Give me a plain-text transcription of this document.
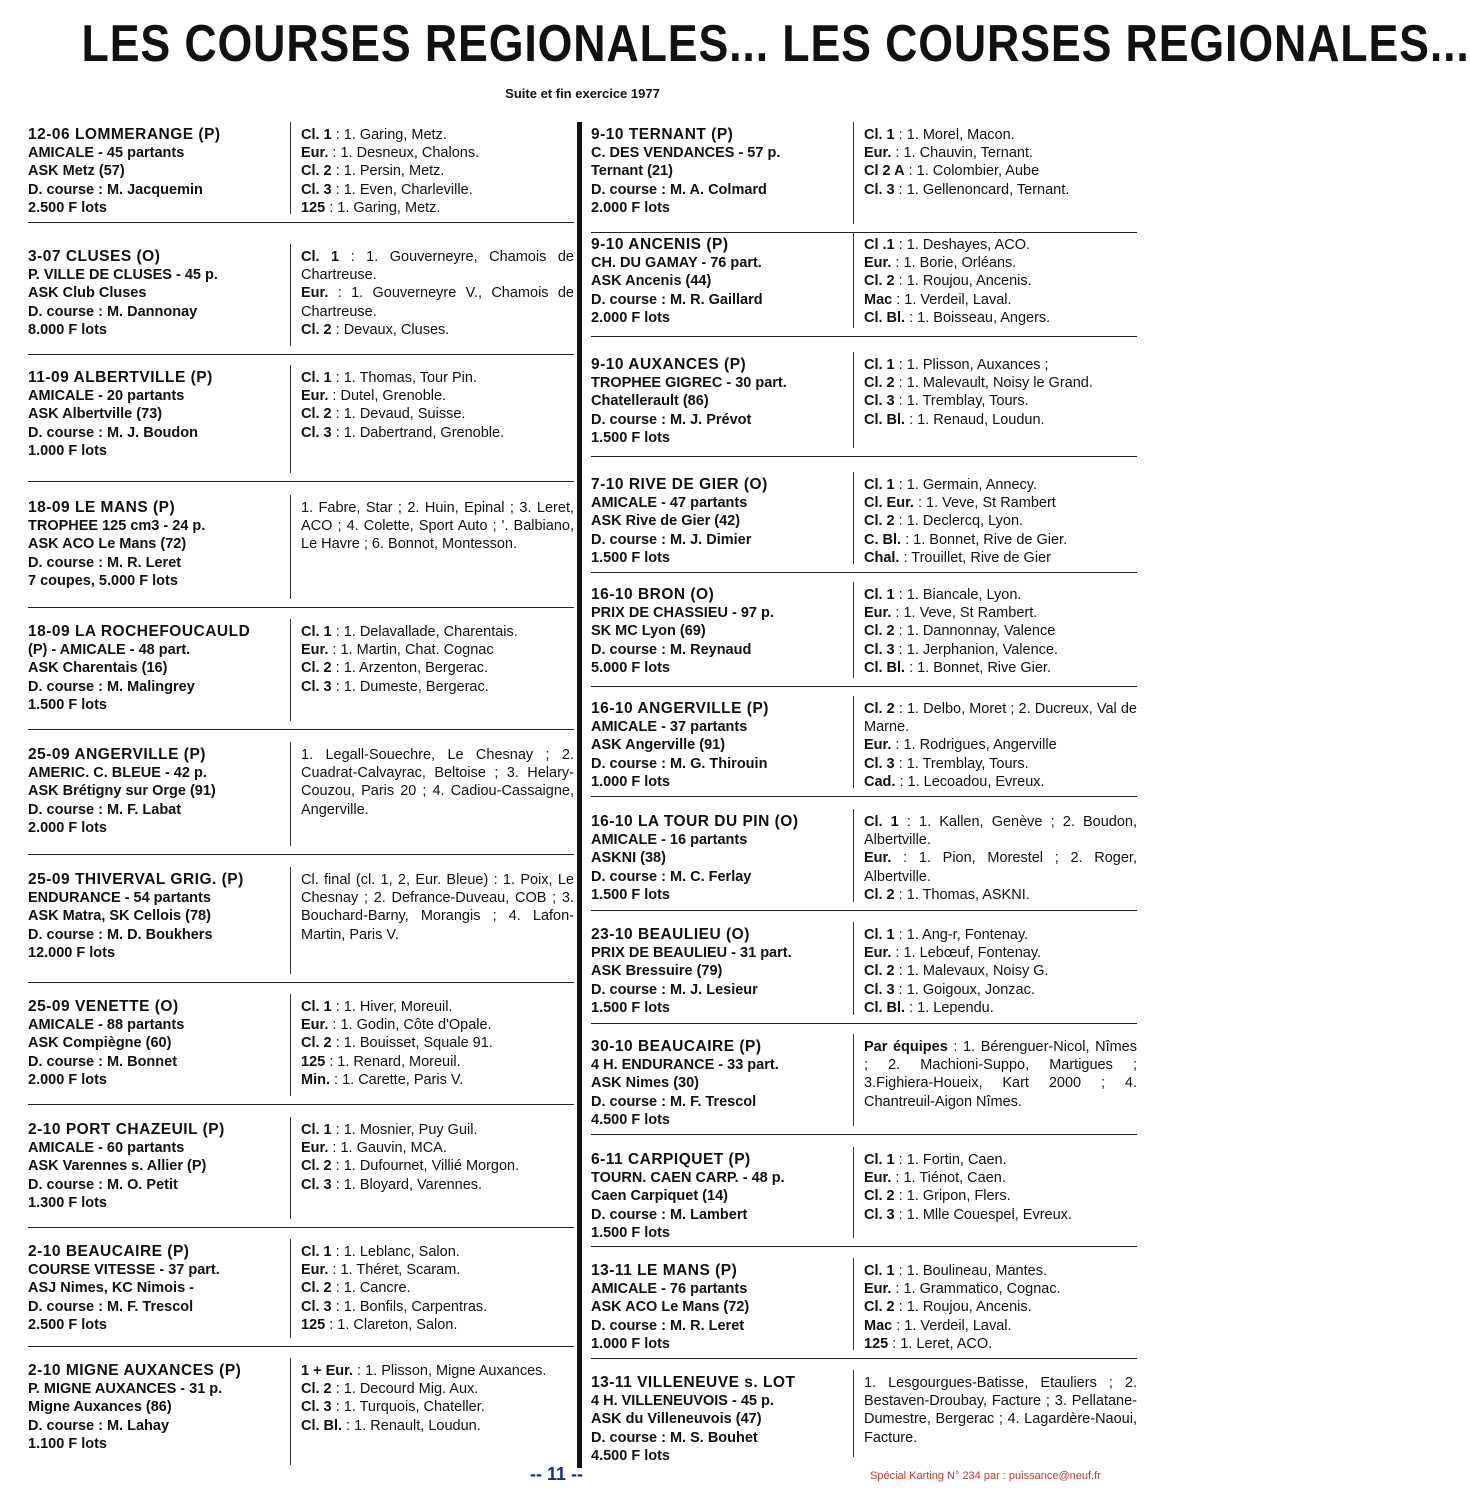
LES COURSES REGIONALES... LES COURSES REGIONALES...
Suite et fin exercice 1977
12-06 LOMMERANGE (P)
AMICALE - 45 partants
ASK Metz (57)
D. course : M. Jacquemin
2.500 F lots
Cl. 1 : 1. Garing, Metz.
Eur. : 1. Desneux, Chalons.
Cl. 2 : 1. Persin, Metz.
Cl. 3 : 1. Even, Charleville.
125 : 1. Garing, Metz.
3-07 CLUSES (O)
P. VILLE DE CLUSES - 45 p.
ASK Club Cluses
D. course : M. Dannonay
8.000 F lots
Cl. 1 : 1. Gouverneyre, Chamois de Chartreuse.
Eur. : 1. Gouverneyre V., Chamois de Chartreuse.
Cl. 2 : Devaux, Cluses.
11-09 ALBERTVILLE (P)
AMICALE - 20 partants
ASK Albertville (73)
D. course : M. J. Boudon
1.000 F lots
Cl. 1 : 1. Thomas, Tour Pin.
Eur. : Dutel, Grenoble.
Cl. 2 : 1. Devaud, Suisse.
Cl. 3 : 1. Dabertrand, Grenoble.
18-09 LE MANS (P)
TROPHEE 125 cm3 - 24 p.
ASK ACO Le Mans (72)
D. course : M. R. Leret
7 coupes, 5.000 F lots
1. Fabre, Star ; 2. Huin, Epinal ; 3. Leret, ACO ; 4. Colette, Sport Auto ; '. Balbiano, Le Havre ; 6. Bonnot, Montesson.
18-09 LA ROCHEFOUCAULD
(P) - AMICALE - 48 part.
ASK Charentais (16)
D. course : M. Malingrey
1.500 F lots
Cl. 1 : 1. Delavallade, Charentais.
Eur. : 1. Martin, Chat. Cognac
Cl. 2 : 1. Arzenton, Bergerac.
Cl. 3 : 1. Dumeste, Bergerac.
25-09 ANGERVILLE (P)
AMERIC. C. BLEUE - 42 p.
ASK Brétigny sur Orge (91)
D. course : M. F. Labat
2.000 F lots
1. Legall-Souechre, Le Chesnay ; 2. Cuadrat-Calvayrac, Beltoise ; 3. Helary-Couzou, Paris 20 ; 4. Cadiou-Cassaigne, Angerville.
25-09 THIVERVAL GRIG. (P)
ENDURANCE - 54 partants
ASK Matra, SK Cellois (78)
D. course : M. D. Boukhers
12.000 F lots
Cl. final (cl. 1, 2, Eur. Bleue) : 1. Poix, Le Chesnay ; 2. Defrance-Duveau, COB ; 3. Bouchard-Barny, Morangis ; 4. Lafon-Martin, Paris V.
25-09 VENETTE (O)
AMICALE - 88 partants
ASK Compiègne (60)
D. course : M. Bonnet
2.000 F lots
Cl. 1 : 1. Hiver, Moreuil.
Eur. : 1. Godin, Côte d'Opale.
Cl. 2 : 1. Bouisset, Squale 91.
125 : 1. Renard, Moreuil.
Min. : 1. Carette, Paris V.
2-10 PORT CHAZEUIL (P)
AMICALE - 60 partants
ASK Varennes s. Allier (P)
D. course : M. O. Petit
1.300 F lots
Cl. 1 : 1. Mosnier, Puy Guil.
Eur. : 1. Gauvin, MCA.
Cl. 2 : 1. Dufournet, Villié Morgon.
Cl. 3 : 1. Bloyard, Varennes.
2-10 BEAUCAIRE (P)
COURSE VITESSE - 37 part.
ASJ Nimes, KC Nimois -
D. course : M. F. Trescol
2.500 F lots
Cl. 1 : 1. Leblanc, Salon.
Eur. : 1. Théret, Scaram.
Cl. 2 : 1. Cancre.
Cl. 3 : 1. Bonfils, Carpentras.
125 : 1. Clareton, Salon.
2-10 MIGNE AUXANCES (P)
P. MIGNE AUXANCES - 31 p.
Migne Auxances (86)
D. course : M. Lahay
1.100 F lots
1 + Eur. : 1. Plisson, Migne Auxances.
Cl. 2 : 1. Decourd Mig. Aux.
Cl. 3 : 1. Turquois, Chateller.
Cl. Bl. : 1. Renault, Loudun.
9-10 TERNANT (P)
C. DES VENDANCES - 57 p.
Ternant (21)
D. course : M. A. Colmard
2.000 F lots
Cl. 1 : 1. Morel, Macon.
Eur. : 1. Chauvin, Ternant.
Cl 2 A : 1. Colombier, Aube
Cl. 3 : 1. Gellenoncard, Ternant.
9-10 ANCENIS (P)
CH. DU GAMAY - 76 part.
ASK Ancenis (44)
D. course : M. R. Gaillard
2.000 F lots
Cl .1 : 1. Deshayes, ACO.
Eur. : 1. Borie, Orléans.
Cl. 2 : 1. Roujou, Ancenis.
Mac : 1. Verdeil, Laval.
Cl. Bl. : 1. Boisseau, Angers.
9-10 AUXANCES (P)
TROPHEE GIGREC - 30 part.
Chatellerault (86)
D. course : M. J. Prévot
1.500 F lots
Cl. 1 : 1. Plisson, Auxances ;
Cl. 2 : 1. Malevault, Noisy le Grand.
Cl. 3 : 1. Tremblay, Tours.
Cl. Bl. : 1. Renaud, Loudun.
7-10 RIVE DE GIER (O)
AMICALE - 47 partants
ASK Rive de Gier (42)
D. course : M. J. Dimier
1.500 F lots
Cl. 1 : 1. Germain, Annecy.
Cl. Eur. : 1. Veve, St Rambert
Cl. 2 : 1. Declercq, Lyon.
C. Bl. : 1. Bonnet, Rive de Gier.
Chal. : Trouillet, Rive de Gier
16-10 BRON (O)
PRIX DE CHASSIEU - 97 p.
SK MC Lyon (69)
D. course : M. Reynaud
5.000 F lots
Cl. 1 : 1. Biancale, Lyon.
Eur. : 1. Veve, St Rambert.
Cl. 2 : 1. Dannonnay, Valence
Cl. 3 : 1. Jerphanion, Valence.
Cl. Bl. : 1. Bonnet, Rive Gier.
16-10 ANGERVILLE (P)
AMICALE - 37 partants
ASK Angerville (91)
D. course : M. G. Thirouin
1.000 F lots
Cl. 2 : 1. Delbo, Moret ; 2. Ducreux, Val de Marne.
Eur. : 1. Rodrigues, Angerville
Cl. 3 : 1. Tremblay, Tours.
Cad. : 1. Lecoadou, Evreux.
16-10 LA TOUR DU PIN (O)
AMICALE - 16 partants
ASKNI (38)
D. course : M. C. Ferlay
1.500 F lots
Cl. 1 : 1. Kallen, Genève ; 2. Boudon, Albertville.
Eur. : 1. Pion, Morestel ; 2. Roger, Albertville.
Cl. 2 : 1. Thomas, ASKNI.
23-10 BEAULIEU (O)
PRIX DE BEAULIEU - 31 part.
ASK Bressuire (79)
D. course : M. J. Lesieur
1.500 F lots
Cl. 1 : 1. Ang-r, Fontenay.
Eur. : 1. Lebœuf, Fontenay.
Cl. 2 : 1. Malevaux, Noisy G.
Cl. 3 : 1. Goigoux, Jonzac.
Cl. Bl. : 1. Lependu.
30-10 BEAUCAIRE (P)
4 H. ENDURANCE - 33 part.
ASK Nimes (30)
D. course : M. F. Trescol
4.500 F lots
Par équipes : 1. Bérenguer-Nicol, Nîmes ; 2. Machioni-Suppo, Martigues ; 3.Fighiera-Houeix, Kart 2000 ; 4. Chantreuil-Aigon Nîmes.
6-11 CARPIQUET (P)
TOURN. CAEN CARP. - 48 p.
Caen Carpiquet (14)
D. course : M. Lambert
1.500 F lots
Cl. 1 : 1. Fortin, Caen.
Eur. : 1. Tiénot, Caen.
Cl. 2 : 1. Gripon, Flers.
Cl. 3 : 1. Mlle Couespel, Evreux.
13-11 LE MANS (P)
AMICALE - 76 partants
ASK ACO Le Mans (72)
D. course : M. R. Leret
1.000 F lots
Cl. 1 : 1. Boulineau, Mantes.
Eur. : 1. Grammatico, Cognac.
Cl. 2 : 1. Roujou, Ancenis.
Mac : 1. Verdeil, Laval.
125 : 1. Leret, ACO.
13-11 VILLENEUVE s. LOT
4 H. VILLENEUVOIS - 45 p.
ASK du Villeneuvois (47)
D. course : M. S. Bouhet
4.500 F lots
1. Lesgourgues-Batisse, Etauliers ; 2. Bestaven-Droubay, Facture ; 3. Pellatane-Dumestre, Bergerac ; 4. Lagardère-Naoui, Facture.
-- 11 --	Spécial Karting N° 234 par : puissance@neuf.fr
